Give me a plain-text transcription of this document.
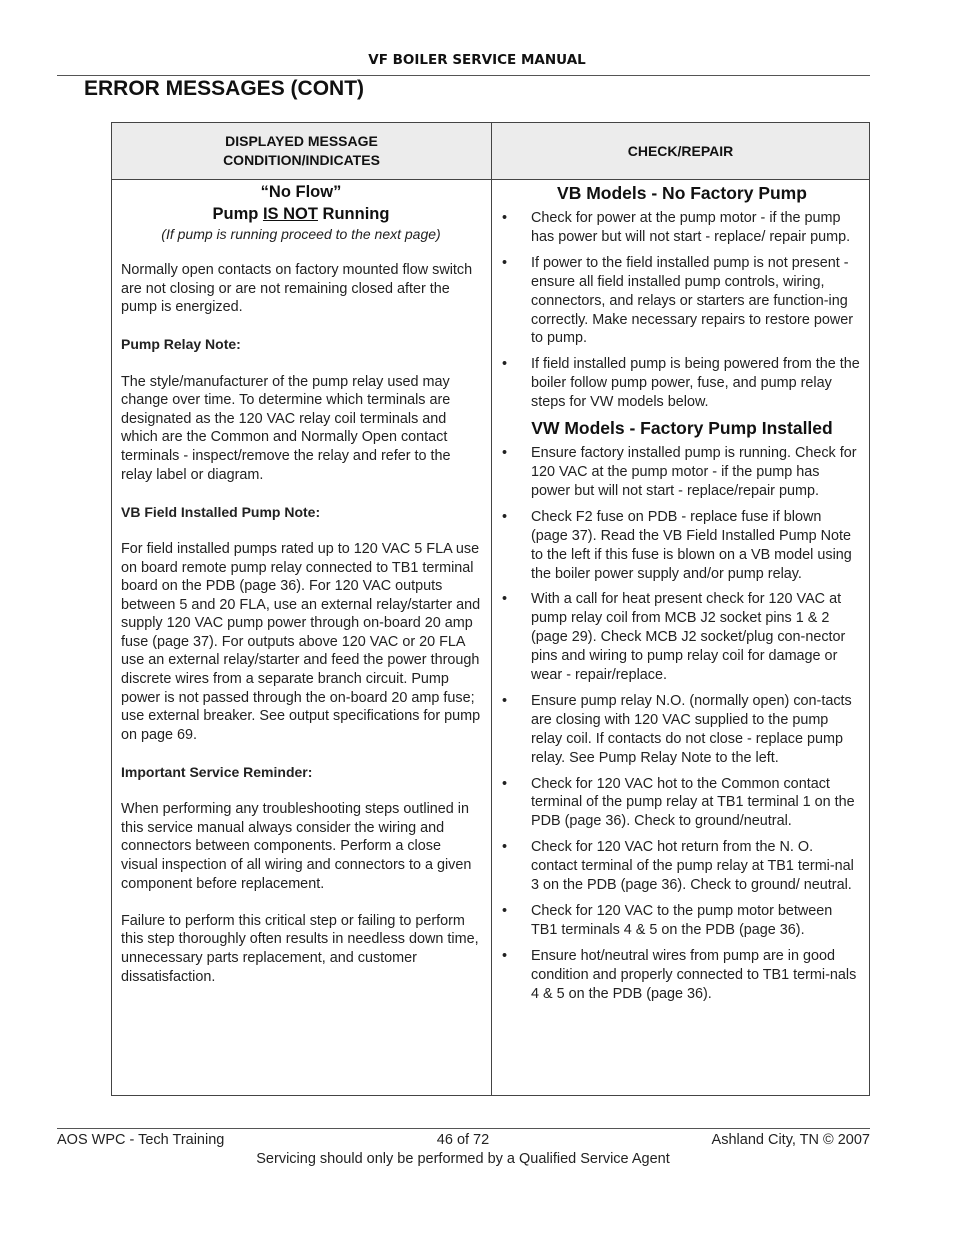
VF BOILER SERVICE MANUAL
ERROR MESSAGES (CONT)
DISPLAYED MESSAGE
CONDITION/INDICATES
CHECK/REPAIR
“No Flow”
Pump IS NOT Running
(If pump is running proceed to the next page)

Normally open contacts on factory mounted flow switch are not closing or are not remaining closed after the pump is energized.

Pump Relay Note:

The style/manufacturer of the pump relay used may change over time. To determine which terminals are designated as the 120 VAC relay coil terminals and which are the Common and Normally Open contact terminals - inspect/remove the relay and refer to the relay label or diagram.

VB Field Installed Pump Note:

For field installed pumps rated up to 120 VAC 5 FLA use on board remote pump relay connected to TB1 terminal board on the PDB (page 36). For 120 VAC outputs between 5 and 20 FLA, use an external relay/starter and supply 120 VAC pump power through on-board 20 amp fuse (page 37). For outputs above 120 VAC or 20 FLA use an external relay/starter and feed the power through discrete wires from a separate branch circuit. Pump power is not passed through the on-board 20 amp fuse; use external breaker. See output specifications for pump on page 69.

Important Service Reminder:

When performing any troubleshooting steps outlined in this service manual always consider the wiring and connectors between components. Perform a close visual inspection of all wiring and connectors to a given component before replacement.

Failure to perform this critical step or failing to perform this step thoroughly often results in needless down time, unnecessary parts replacement, and customer dissatisfaction.

VB Models - No Factory Pump
• Check for power at the pump motor - if the pump has power but will not start - replace/ repair pump.
• If power to the field installed pump is not present - ensure all field installed pump controls, wiring, connectors, and relays or starters are function-ing correctly. Make necessary repairs to restore power to pump.
• If field installed pump is being powered from the the boiler follow pump power, fuse, and pump relay steps for VW models below.
VW Models - Factory Pump Installed
• Ensure factory installed pump is running. Check for 120 VAC at the pump motor - if the pump has power but will not start - replace/repair pump.
• Check F2 fuse on PDB - replace fuse if blown (page 37). Read the VB Field Installed Pump Note to the left if this fuse is blown on a VB model using the boiler power supply and/or pump relay.
• With a call for heat present check for 120 VAC at pump relay coil from MCB J2 socket pins 1 & 2 (page 29). Check MCB J2 socket/plug con-nector pins and wiring to pump relay coil for damage or wear - repair/replace.
• Ensure pump relay N.O. (normally open) con-tacts are closing with 120 VAC supplied to the pump relay coil. If contacts do not close - replace pump relay. See Pump Relay Note to the left.
• Check for 120 VAC hot to the Common contact terminal of the pump relay at TB1 terminal 1 on the PDB (page 36). Check to ground/neutral.
• Check for 120 VAC hot return from the N. O. contact terminal of the pump relay at TB1 termi-nal 3 on the PDB (page 36). Check to ground/ neutral.
• Check for 120 VAC to the pump motor between TB1 terminals 4 & 5 on the PDB (page 36).
• Ensure hot/neutral wires from pump are in good condition and properly connected to TB1 termi-nals 4 & 5 on the PDB (page 36).
AOS WPC - Tech Training	46 of 72	Ashland City, TN © 2007
Servicing should only be performed by a Qualified Service Agent
